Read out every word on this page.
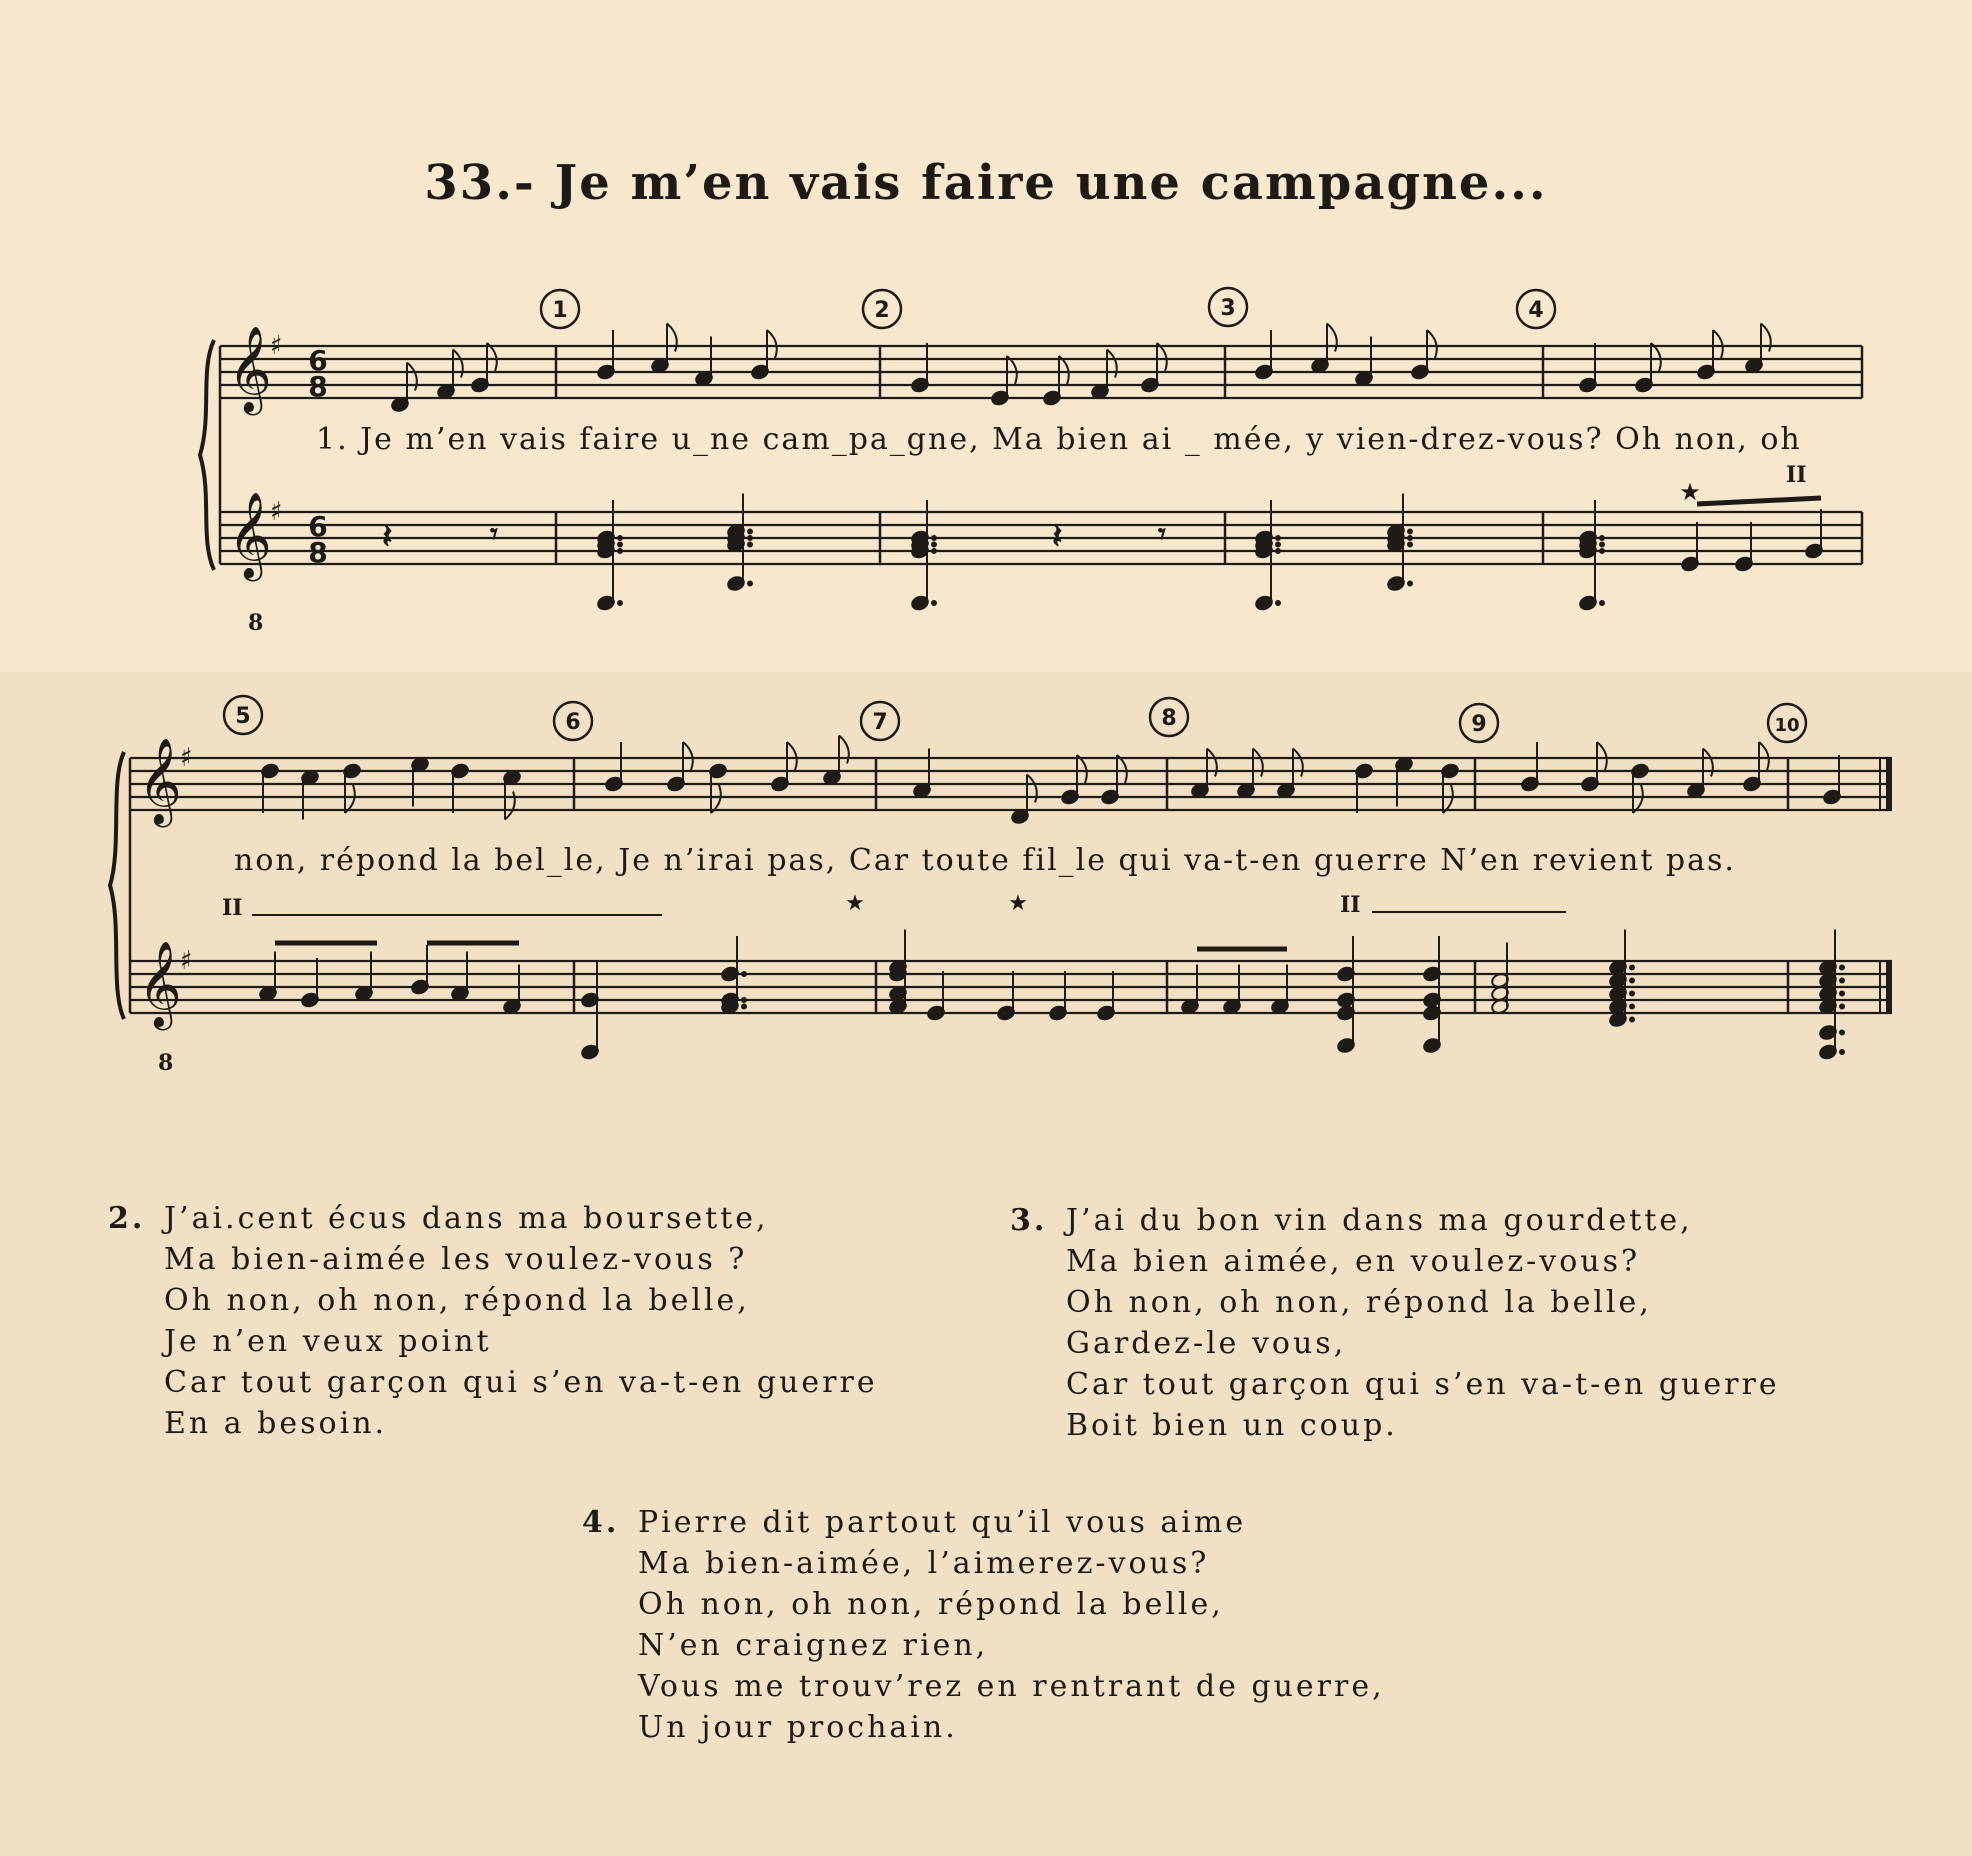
33.- Je m’en vais faire une campagne...
𝄞
𝄞
𝄞
𝄞
♯
♯
♯
♯
𝄽	𝄾	𝄽	𝄾
6
8
6
8
8
8
II
II	II
★
★	★
1	2	3	4
5	6	7	8	9	10
1. Je m’en vais faire u_ne cam_pa_gne, Ma bien ai _ mée, y vien-drez-vous? Oh non, oh
non, répond la bel_le, Je n’irai pas, Car toute fil_le qui va-t-en guerre N’en revient pas.
2. J’ai.cent écus dans ma boursette,
Ma bien-aimée les voulez-vous ?
Oh non, oh non, répond la belle,
Je n’en veux point
Car tout garçon qui s’en va-t-en guerre
En a besoin.
3. J’ai du bon vin dans ma gourdette,
Ma bien aimée, en voulez-vous?
Oh non, oh non, répond la belle,
Gardez-le vous,
Car tout garçon qui s’en va-t-en guerre
Boit bien un coup.
4. Pierre dit partout qu’il vous aime
Ma bien-aimée, l’aimerez-vous?
Oh non, oh non, répond la belle,
N’en craignez rien,
Vous me trouv’rez en rentrant de guerre,
Un jour prochain.
